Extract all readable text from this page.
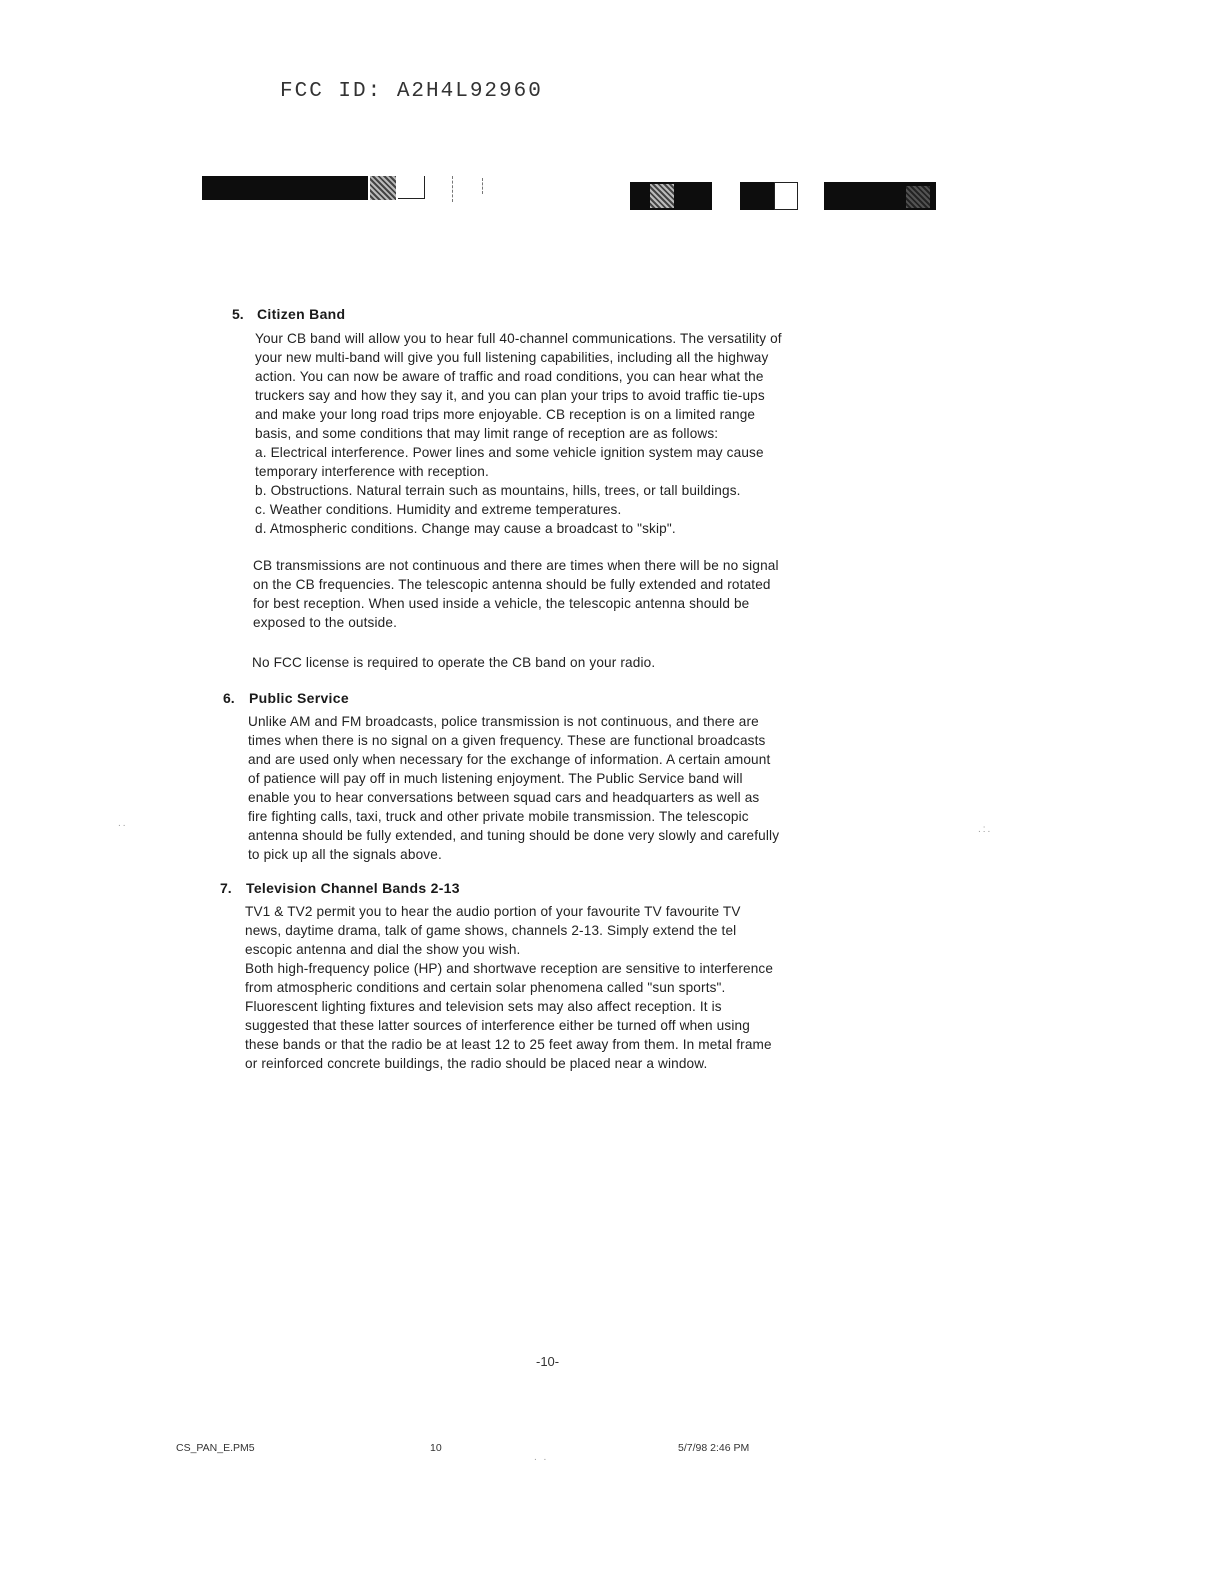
FCC ID: A2H4L92960
5. Citizen Band
Your CB band will allow you to hear full 40-channel communications. The versatility of
your new multi-band will give you full listening capabilities, including all the highway
action. You can now be aware of traffic and road conditions, you can hear what the
truckers say and how they say it, and you can plan your trips to avoid traffic tie-ups
and make your long road trips more enjoyable. CB reception is on a limited range
basis, and some conditions that may limit range of reception are as follows:
a. Electrical interference. Power lines and some vehicle ignition system may cause
temporary interference with reception.
b. Obstructions. Natural terrain such as mountains, hills, trees, or tall buildings.
c. Weather conditions. Humidity and extreme temperatures.
d. Atmospheric conditions. Change may cause a broadcast to "skip".
CB transmissions are not continuous and there are times when there will be no signal
on the CB frequencies. The telescopic antenna should be fully extended and rotated
for best reception. When used inside a vehicle, the telescopic antenna should be
exposed to the outside.
No FCC license is required to operate the CB band on your radio.
6. Public Service
Unlike AM and FM broadcasts, police transmission is not continuous, and there are
times when there is no signal on a given frequency. These are functional broadcasts
and are used only when necessary for the exchange of information. A certain amount
of patience will pay off in much listening enjoyment. The Public Service band will
enable you to hear conversations between squad cars and headquarters as well as
fire fighting calls, taxi, truck and other private mobile transmission. The telescopic
antenna should be fully extended, and tuning should be done very slowly and carefully
to pick up all the signals above.
7. Television Channel Bands 2-13
TV1 & TV2 permit you to hear the audio portion of your favourite TV favourite TV
news, daytime drama, talk of game shows, channels 2-13. Simply extend the tel
escopic antenna and dial the show you wish.
Both high-frequency police (HP) and shortwave reception are sensitive to interference
from atmospheric conditions and certain solar phenomena called "sun sports".
Fluorescent lighting fixtures and television sets may also affect reception. It is
suggested that these latter sources of interference either be turned off when using
these bands or that the radio be at least 12 to 25 feet away from them. In metal frame
or reinforced concrete buildings, the radio should be placed near a window.
..
.:.
-10-
CS_PAN_E.PM5	10	5/7/98 2:46 PM
. .
